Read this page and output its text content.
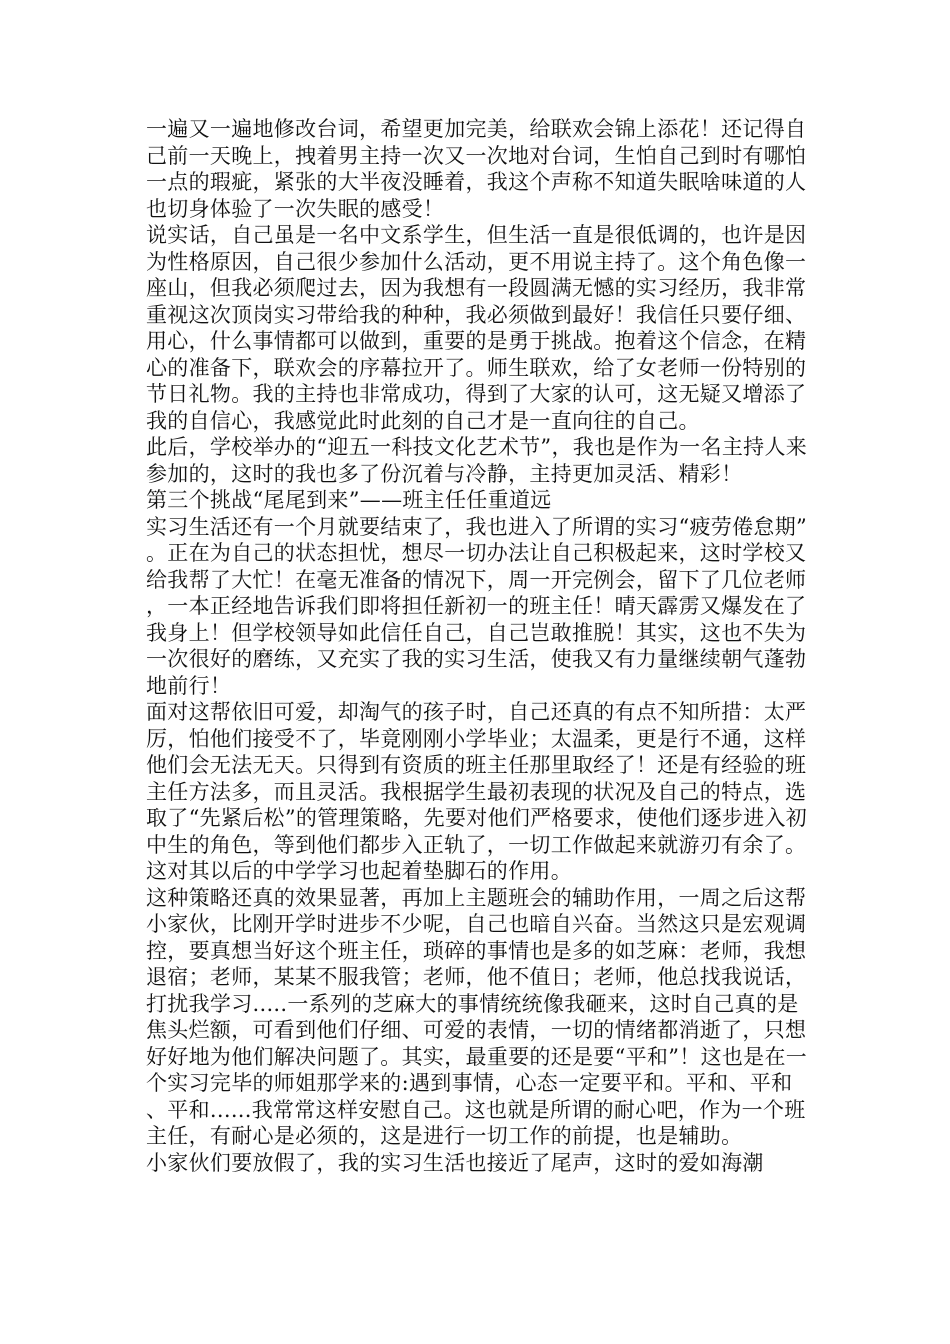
一遍又一遍地修改台词，希望更加完美，给联欢会锦上添花！还记得自己前一天晚上，拽着男主持一次又一次地对台词，生怕自己到时有哪怕一点的瑕疵，紧张的大半夜没睡着，我这个声称不知道失眠啥味道的人也切身体验了一次失眠的感受！

说实话，自己虽是一名中文系学生，但生活一直是很低调的，也许是因为性格原因，自己很少参加什么活动，更不用说主持了。这个角色像一座山，但我必须爬过去，因为我想有一段圆满无憾的实习经历，我非常重视这次顶岗实习带给我的种种，我必须做到最好！我信任只要仔细、用心，什么事情都可以做到，重要的是勇于挑战。抱着这个信念，在精心的准备下，联欢会的序幕拉开了。师生联欢，给了女老师一份特别的节日礼物。我的主持也非常成功，得到了大家的认可，这无疑又增添了我的自信心，我感觉此时此刻的自己才是一直向往的自己。

此后，学校举办的“迎五一科技文化艺术节”，我也是作为一名主持人来参加的，这时的我也多了份沉着与冷静，主持更加灵活、精彩！

第三个挑战“尾尾到来”——班主任任重道远

实习生活还有一个月就要结束了，我也进入了所谓的实习“疲劳倦怠期”。正在为自己的状态担忧，想尽一切办法让自己积极起来，这时学校又给我帮了大忙！在毫无准备的情况下，周一开完例会，留下了几位老师，一本正经地告诉我们即将担任新初一的班主任！晴天霹雳又爆发在了我身上！但学校领导如此信任自己，自己岂敢推脱！其实，这也不失为一次很好的磨练，又充实了我的实习生活，使我又有力量继续朝气蓬勃地前行！

面对这帮依旧可爱，却淘气的孩子时，自己还真的有点不知所措：太严厉，怕他们接受不了，毕竟刚刚小学毕业；太温柔，更是行不通，这样他们会无法无天。只得到有资质的班主任那里取经了！还是有经验的班主任方法多，而且灵活。我根据学生最初表现的状况及自己的特点，选取了“先紧后松”的管理策略，先要对他们严格要求，使他们逐步进入初中生的角色，等到他们都步入正轨了，一切工作做起来就游刃有余了。这对其以后的中学学习也起着垫脚石的作用。

这种策略还真的效果显著，再加上主题班会的辅助作用，一周之后这帮小家伙，比刚开学时进步不少呢，自己也暗自兴奋。当然这只是宏观调控，要真想当好这个班主任，琐碎的事情也是多的如芝麻：老师，我想退宿；老师，某某不服我管；老师，他不值日；老师，他总找我说话，打扰我学习.....一系列的芝麻大的事情统统像我砸来，这时自己真的是焦头烂额，可看到他们仔细、可爱的表情，一切的情绪都消逝了，只想好好地为他们解决问题了。其实，最重要的还是要“平和”！这也是在一个实习完毕的师姐那学来的:遇到事情，心态一定要平和。平和、平和、平和......我常常这样安慰自己。这也就是所谓的耐心吧，作为一个班主任，有耐心是必须的，这是进行一切工作的前提，也是辅助。

小家伙们要放假了，我的实习生活也接近了尾声，这时的爱如海潮
